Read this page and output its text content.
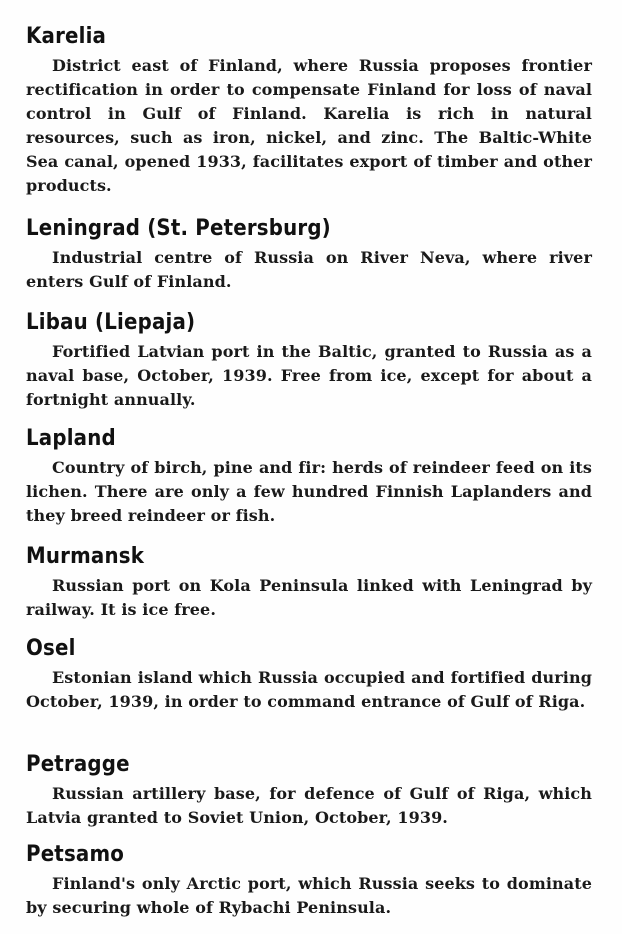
Karelia

District east of Finland, where Russia proposes frontier rectification in order to compensate Finland for loss of naval control in Gulf of Finland. Karelia is rich in natural resources, such as iron, nickel, and zinc. The Baltic-White Sea canal, opened 1933, facilitates export of timber and other products.

Leningrad (St. Petersburg)

Industrial centre of Russia on River Neva, where river enters Gulf of Finland.

Libau (Liepaja)

Fortified Latvian port in the Baltic, granted to Russia as a naval base, October, 1939. Free from ice, except for about a fortnight annually.

Lapland

Country of birch, pine and fir: herds of reindeer feed on its lichen. There are only a few hundred Finnish Laplanders and they breed reindeer or fish.

Murmansk

Russian port on Kola Peninsula linked with Leningrad by railway. It is ice free.

Osel

Estonian island which Russia occupied and fortified during October, 1939, in order to command entrance of Gulf of Riga.

Petragge

Russian artillery base, for defence of Gulf of Riga, which Latvia granted to Soviet Union, October, 1939.

Petsamo

Finland's only Arctic port, which Russia seeks to dominate by securing whole of Rybachi Peninsula.
